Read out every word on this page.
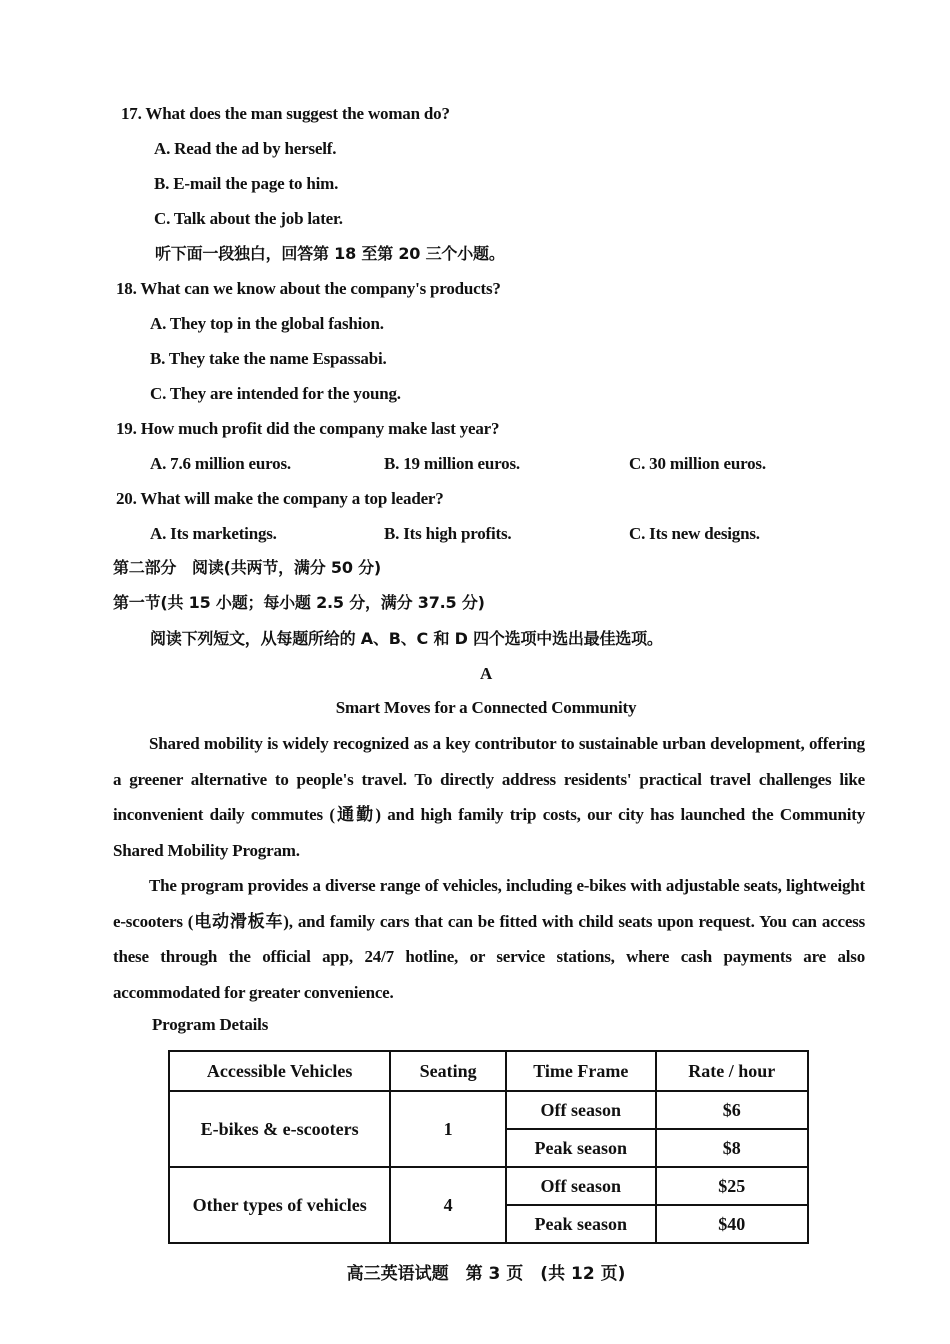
17. What does the man suggest the woman do?
A. Read the ad by herself.
B. E-mail the page to him.
C. Talk about the job later.
听下面一段独白，回答第 18 至第 20 三个小题。
18. What can we know about the company's products?
A. They top in the global fashion.
B. They take the name Espassabi.
C. They are intended for the young.
19. How much profit did the company make last year?
A. 7.6 million euros.	B. 19 million euros.	C. 30 million euros.
20. What will make the company a top leader?
A. Its marketings.	B. Its high profits.	C. Its new designs.
第二部分　阅读(共两节，满分 50 分)
第一节(共 15 小题；每小题 2.5 分，满分 37.5 分)
阅读下列短文，从每题所给的 A、B、C 和 D 四个选项中选出最佳选项。
A
Smart Moves for a Connected Community
Shared mobility is widely recognized as a key contributor to sustainable urban development, offering a greener alternative to people's travel. To directly address residents' practical travel challenges like inconvenient daily commutes (通勤) and high family trip costs, our city has launched the Community Shared Mobility Program.
The program provides a diverse range of vehicles, including e-bikes with adjustable seats, lightweight e-scooters (电动滑板车), and family cars that can be fitted with child seats upon request. You can access these through the official app, 24/7 hotline, or service stations, where cash payments are also accommodated for greater convenience.
Program Details
Accessible Vehicles	Seating	Time Frame	Rate / hour
E-bikes & e-scooters	1	Off season	$6
		Peak season	$8
Other types of vehicles	4	Off season	$25
		Peak season	$40
高三英语试题　第 3 页　(共 12 页)
